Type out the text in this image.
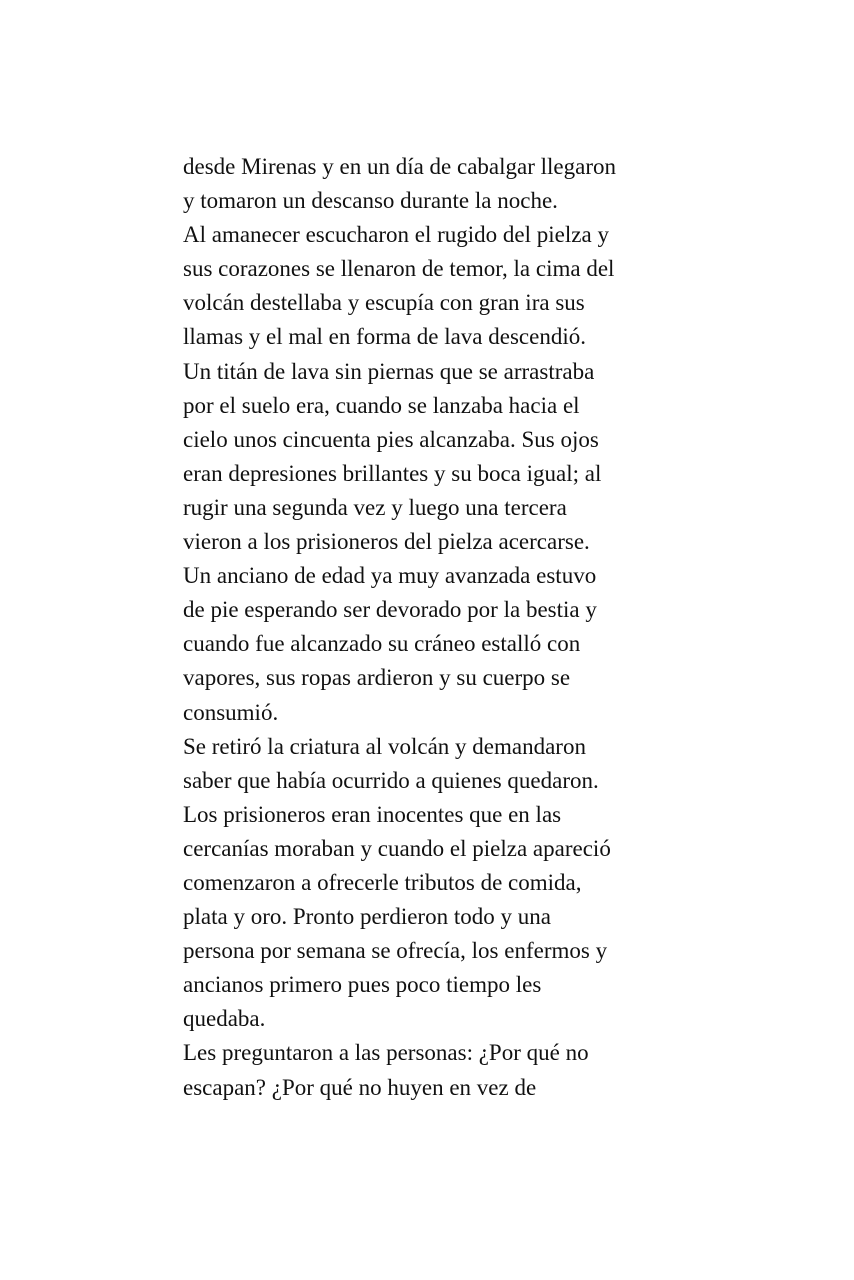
desde Mirenas y en un día de cabalgar llegaron
y tomaron un descanso durante la noche.
Al amanecer escucharon el rugido del pielza y
sus corazones se llenaron de temor, la cima del
volcán destellaba y escupía con gran ira sus
llamas y el mal en forma de lava descendió.
Un titán de lava sin piernas que se arrastraba
por el suelo era, cuando se lanzaba hacia el
cielo unos cincuenta pies alcanzaba. Sus ojos
eran depresiones brillantes y su boca igual; al
rugir una segunda vez y luego una tercera
vieron a los prisioneros del pielza acercarse.
Un anciano de edad ya muy avanzada estuvo
de pie esperando ser devorado por la bestia y
cuando fue alcanzado su cráneo estalló con
vapores, sus ropas ardieron y su cuerpo se
consumió.
Se retiró la criatura al volcán y demandaron
saber que había ocurrido a quienes quedaron.
Los prisioneros eran inocentes que en las
cercanías moraban y cuando el pielza apareció
comenzaron a ofrecerle tributos de comida,
plata y oro. Pronto perdieron todo y una
persona por semana se ofrecía, los enfermos y
ancianos primero pues poco tiempo les
quedaba.
Les preguntaron a las personas: ¿Por qué no
escapan? ¿Por qué no huyen en vez de
